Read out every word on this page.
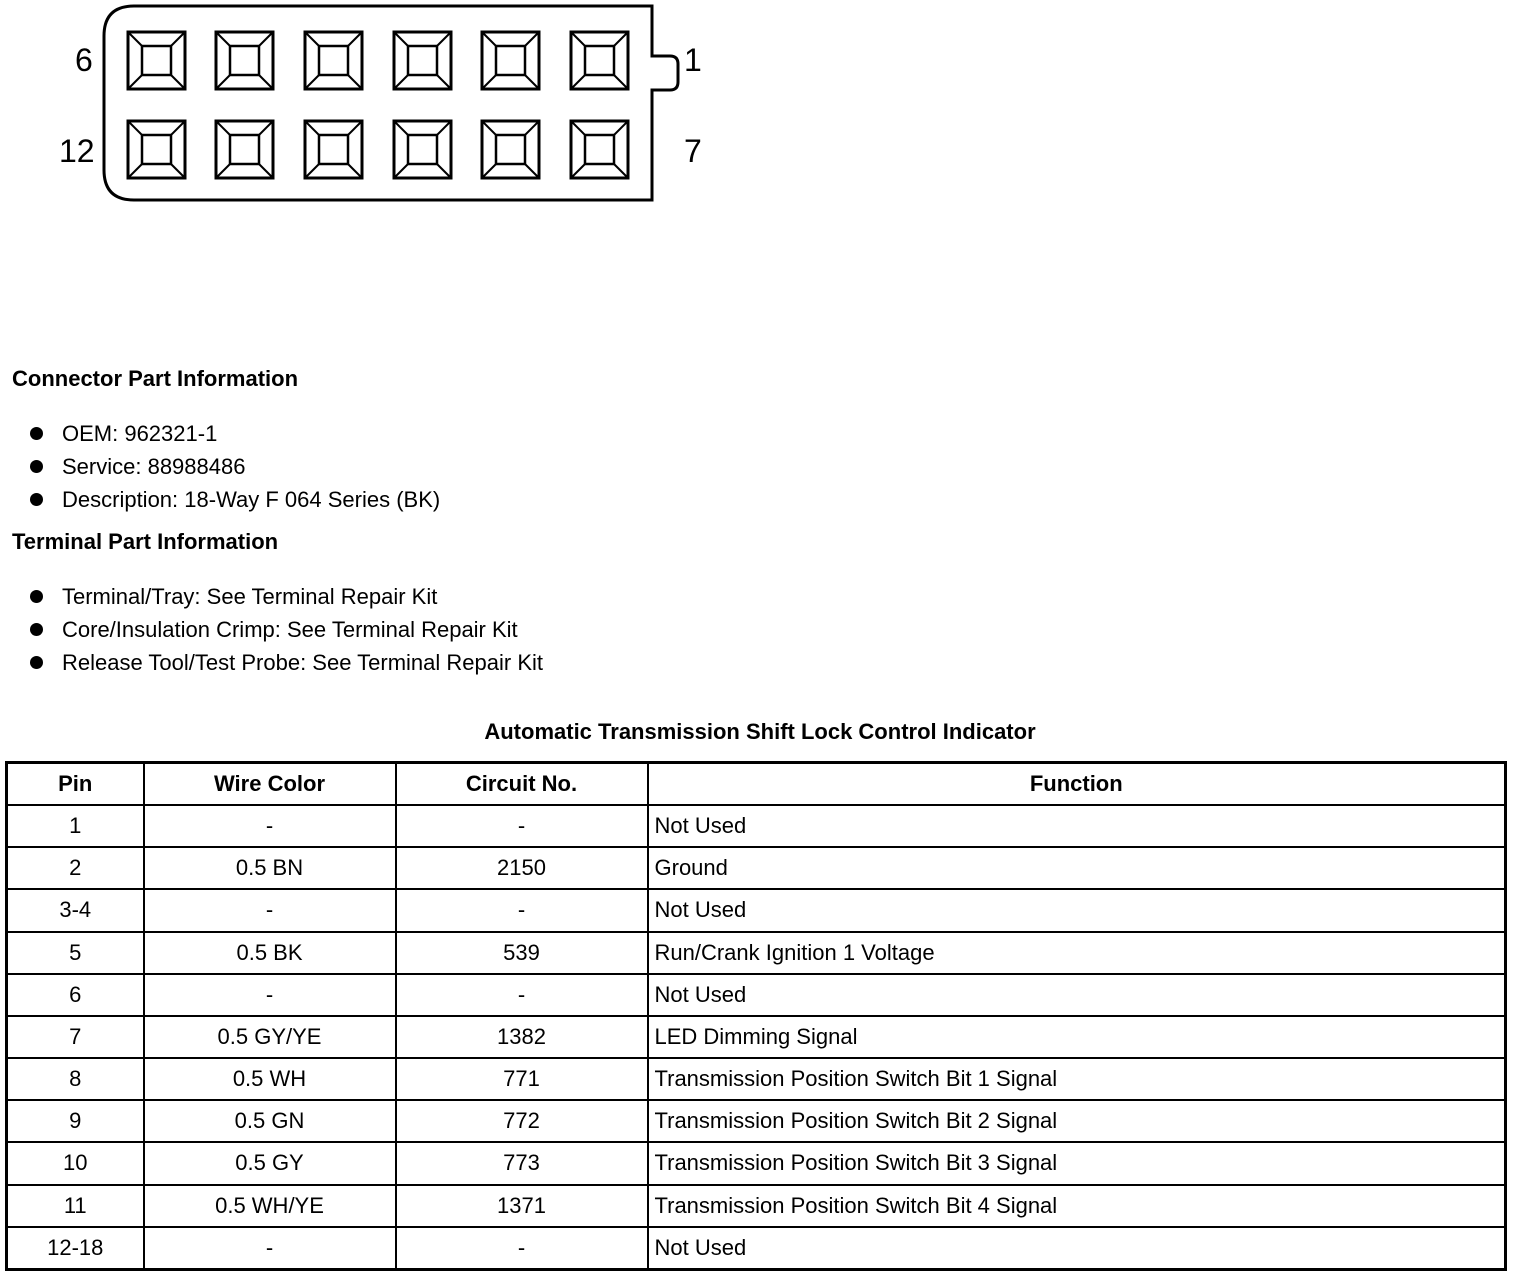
6	1
12	7
Connector Part Information
OEM: 962321-1
Service: 88988486
Description: 18-Way F 064 Series (BK)
Terminal Part Information
Terminal/Tray: See Terminal Repair Kit
Core/Insulation Crimp: See Terminal Repair Kit
Release Tool/Test Probe: See Terminal Repair Kit
Automatic Transmission Shift Lock Control Indicator
Pin	Wire Color	Circuit No.	Function
1	-	-	Not Used
2	0.5 BN	2150	Ground
3-4	-	-	Not Used
5	0.5 BK	539	Run/Crank Ignition 1 Voltage
6	-	-	Not Used
7	0.5 GY/YE	1382	LED Dimming Signal
8	0.5 WH	771	Transmission Position Switch Bit 1 Signal
9	0.5 GN	772	Transmission Position Switch Bit 2 Signal
10	0.5 GY	773	Transmission Position Switch Bit 3 Signal
11	0.5 WH/YE	1371	Transmission Position Switch Bit 4 Signal
12-18	-	-	Not Used
